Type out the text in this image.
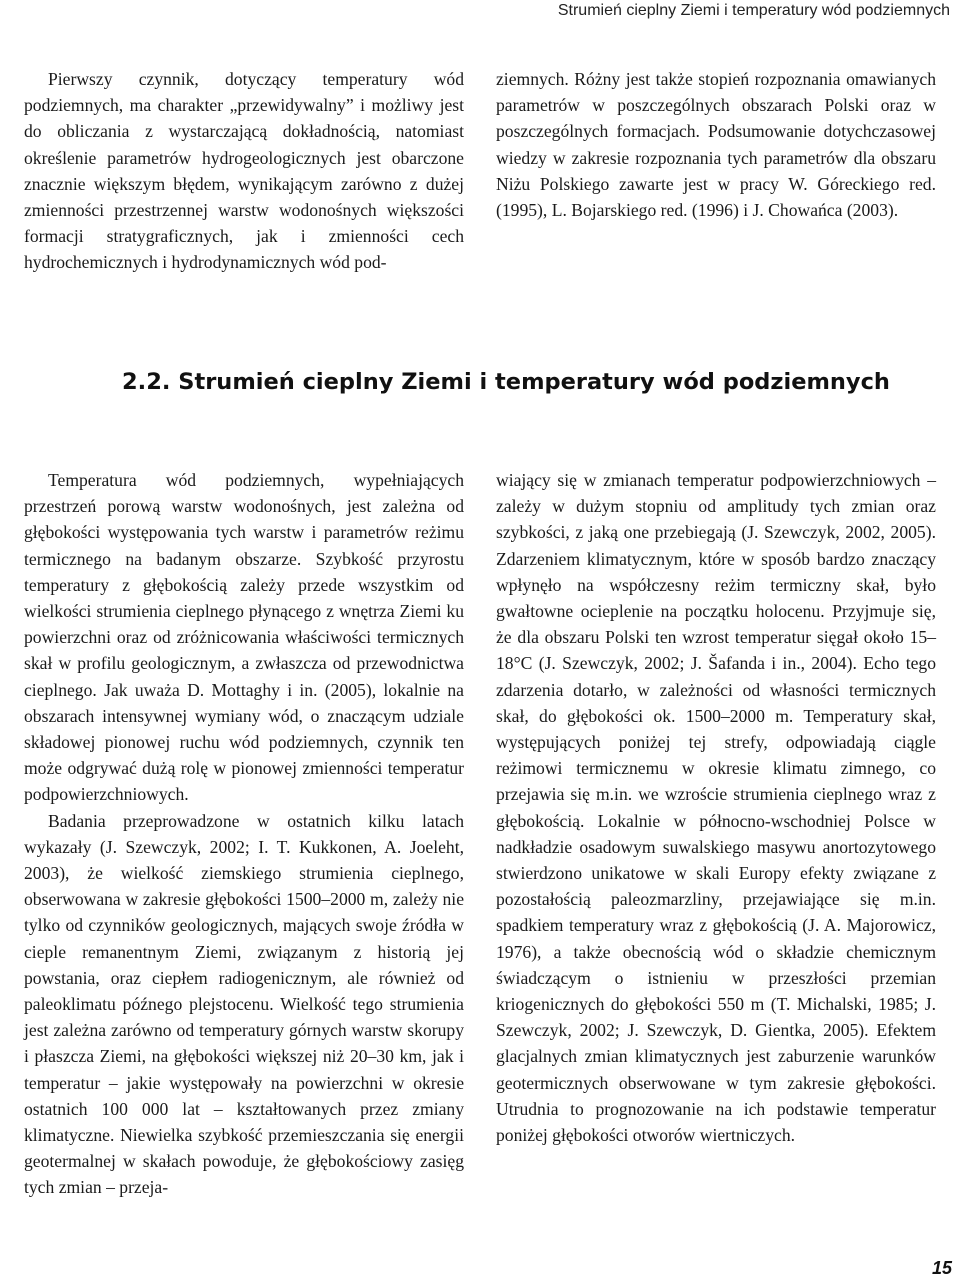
Strumień cieplny Ziemi i temperatury wód podziemnych

Pierwszy czynnik, dotyczący temperatury wód podziemnych, ma charakter „przewidywalny” i możliwy jest do obliczania z wystarczającą dokładnością, natomiast określenie parametrów hydrogeologicznych jest obarczone znacznie większym błędem, wynikającym zarówno z dużej zmienności przestrzennej warstw wodonośnych większości formacji stratygraficznych, jak i zmienności cech hydrochemicznych i hydrodynamicznych wód pod-

ziemnych. Różny jest także stopień rozpoznania omawianych parametrów w poszczególnych obszarach Polski oraz w poszczególnych formacjach. Podsumowanie dotychczasowej wiedzy w zakresie rozpoznania tych parametrów dla obszaru Niżu Polskiego zawarte jest w pracy W. Góreckiego red. (1995), L. Bojarskiego red. (1996) i J. Chowańca (2003).

2.2. Strumień cieplny Ziemi i temperatury wód podziemnych

Temperatura wód podziemnych, wypełniających przestrzeń porową warstw wodonośnych, jest zależna od głębokości występowania tych warstw i parametrów reżimu termicznego na badanym obszarze. Szybkość przyrostu temperatury z głębokością zależy przede wszystkim od wielkości strumienia cieplnego płynącego z wnętrza Ziemi ku powierzchni oraz od zróżnicowania właściwości termicznych skał w profilu geologicznym, a zwłaszcza od przewodnictwa cieplnego. Jak uważa D. Mottaghy i in. (2005), lokalnie na obszarach intensywnej wymiany wód, o znaczącym udziale składowej pionowej ruchu wód podziemnych, czynnik ten może odgrywać dużą rolę w pionowej zmienności temperatur podpowierzchniowych.

Badania przeprowadzone w ostatnich kilku latach wykazały (J. Szewczyk, 2002; I. T. Kukkonen, A. Joeleht, 2003), że wielkość ziemskiego strumienia cieplnego, obserwowana w zakresie głębokości 1500–2000 m, zależy nie tylko od czynników geologicznych, mających swoje źródła w cieple remanentnym Ziemi, związanym z historią jej powstania, oraz ciepłem radiogenicznym, ale również od paleoklimatu późnego plejstocenu. Wielkość tego strumienia jest zależna zarówno od temperatury górnych warstw skorupy i płaszcza Ziemi, na głębokości większej niż 20–30 km, jak i temperatur – jakie występowały na powierzchni w okresie ostatnich 100 000 lat – kształtowanych przez zmiany klimatyczne. Niewielka szybkość przemieszczania się energii geotermalnej w skałach powoduje, że głębokościowy zasięg tych zmian – przeja-

wiający się w zmianach temperatur podpowierzchniowych – zależy w dużym stopniu od amplitudy tych zmian oraz szybkości, z jaką one przebiegają (J. Szewczyk, 2002, 2005). Zdarzeniem klimatycznym, które w sposób bardzo znaczący wpłynęło na współczesny reżim termiczny skał, było gwałtowne ocieplenie na początku holocenu. Przyjmuje się, że dla obszaru Polski ten wzrost temperatur sięgał około 15–18°C (J. Szewczyk, 2002; J. Šafanda i in., 2004). Echo tego zdarzenia dotarło, w zależności od własności termicznych skał, do głębokości ok. 1500–2000 m. Temperatury skał, występujących poniżej tej strefy, odpowiadają ciągle reżimowi termicznemu w okresie klimatu zimnego, co przejawia się m.in. we wzroście strumienia cieplnego wraz z głębokością. Lokalnie w północno-wschodniej Polsce w nadkładzie osadowym suwalskiego masywu anortozytowego stwierdzono unikatowe w skali Europy efekty związane z pozostałością paleozmarzliny, przejawiające się m.in. spadkiem temperatury wraz z głębokością (J. A. Majorowicz, 1976), a także obecnością wód o składzie chemicznym świadczącym o istnieniu w przeszłości przemian kriogenicznych do głębokości 550 m (T. Michalski, 1985; J. Szewczyk, 2002; J. Szewczyk, D. Gientka, 2005). Efektem glacjalnych zmian klimatycznych jest zaburzenie warunków geotermicznych obserwowane w tym zakresie głębokości. Utrudnia to prognozowanie na ich podstawie temperatur poniżej głębokości otworów wiertniczych.

15
